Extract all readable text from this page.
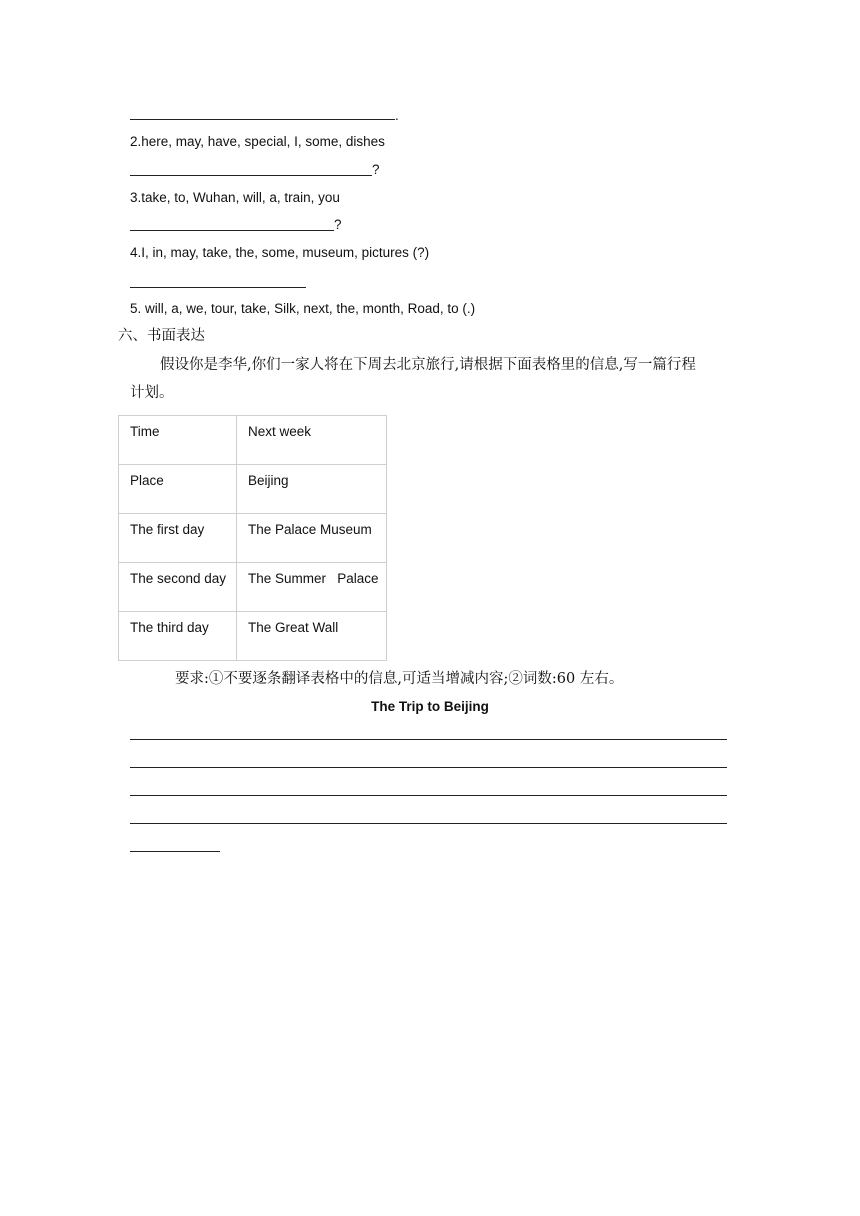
.
2.here, may, have, special, I, some, dishes
?
3.take, to, Wuhan, will, a, train, you
?
4.I, in, may, take, the, some, museum, pictures (?)
5. will, a, we, tour, take, Silk, next, the, month, Road, to (.)
六、书面表达
假设你是李华,你们一家人将在下周去北京旅行,请根据下面表格里的信息,写一篇行程
计划。
Time	Next week
Place	Beijing
The first day	The Palace Museum
The second day	The Summer   Palace
The third day	The Great Wall
要求:①不要逐条翻译表格中的信息,可适当增减内容;②词数:60 左右。
The Trip to Beijing
